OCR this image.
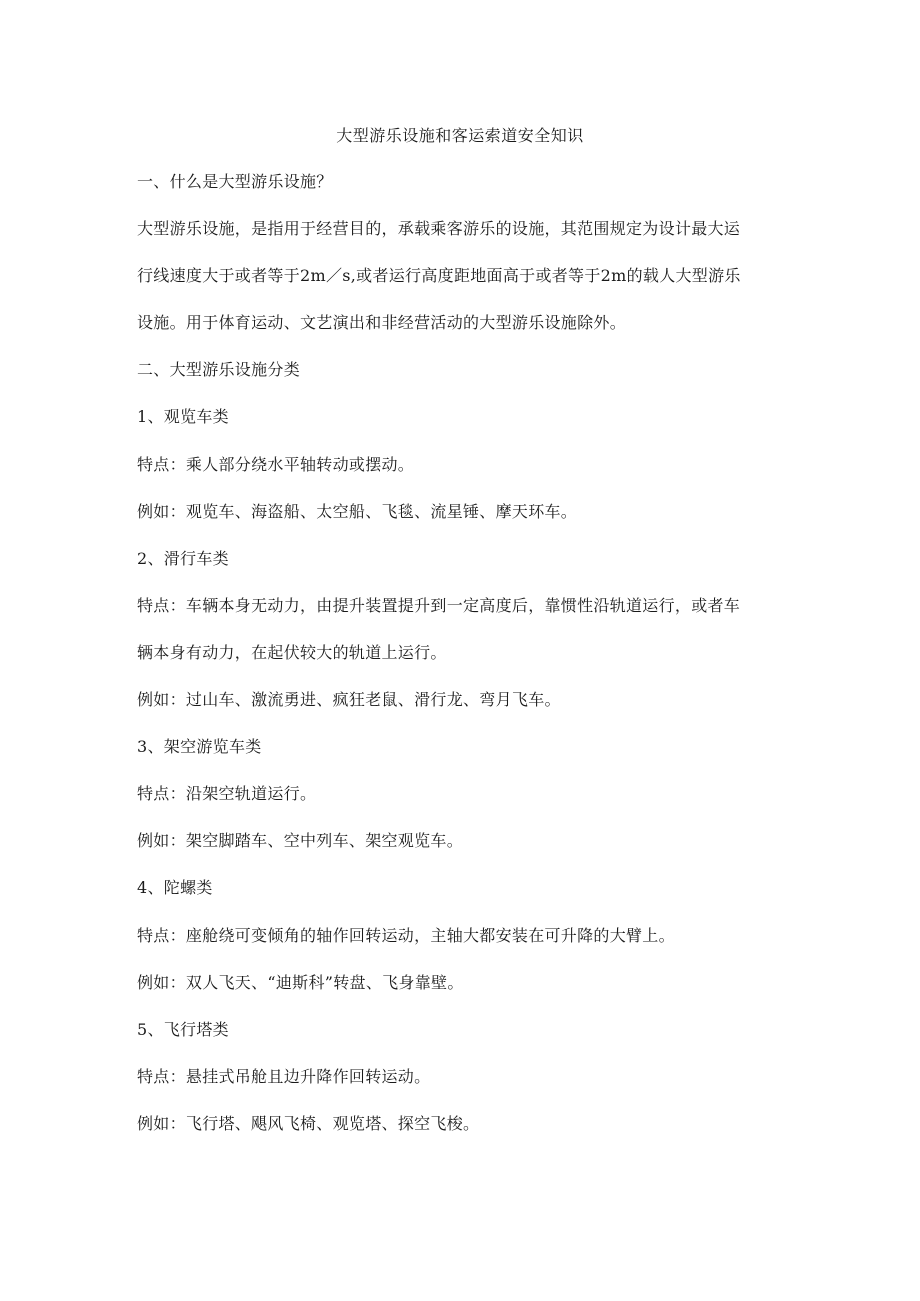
大型游乐设施和客运索道安全知识

一、什么是大型游乐设施？

大型游乐设施，是指用于经营目的，承载乘客游乐的设施，其范围规定为设计最大运

行线速度大于或者等于2m／s,或者运行高度距地面高于或者等于2m的载人大型游乐

设施。用于体育运动、文艺演出和非经营活动的大型游乐设施除外。

二、大型游乐设施分类

1、观览车类

特点：乘人部分绕水平轴转动或摆动。

例如：观览车、海盗船、太空船、飞毯、流星锤、摩天环车。

2、滑行车类

特点：车辆本身无动力，由提升装置提升到一定高度后，靠惯性沿轨道运行，或者车

辆本身有动力，在起伏较大的轨道上运行。

例如：过山车、激流勇进、疯狂老鼠、滑行龙、弯月飞车。

3、架空游览车类

特点：沿架空轨道运行。

例如：架空脚踏车、空中列车、架空观览车。

4、陀螺类

特点：座舱绕可变倾角的轴作回转运动，主轴大都安装在可升降的大臂上。

例如：双人飞天、“迪斯科”转盘、飞身靠壁。

5、飞行塔类

特点：悬挂式吊舱且边升降作回转运动。

例如：飞行塔、飓风飞椅、观览塔、探空飞梭。
